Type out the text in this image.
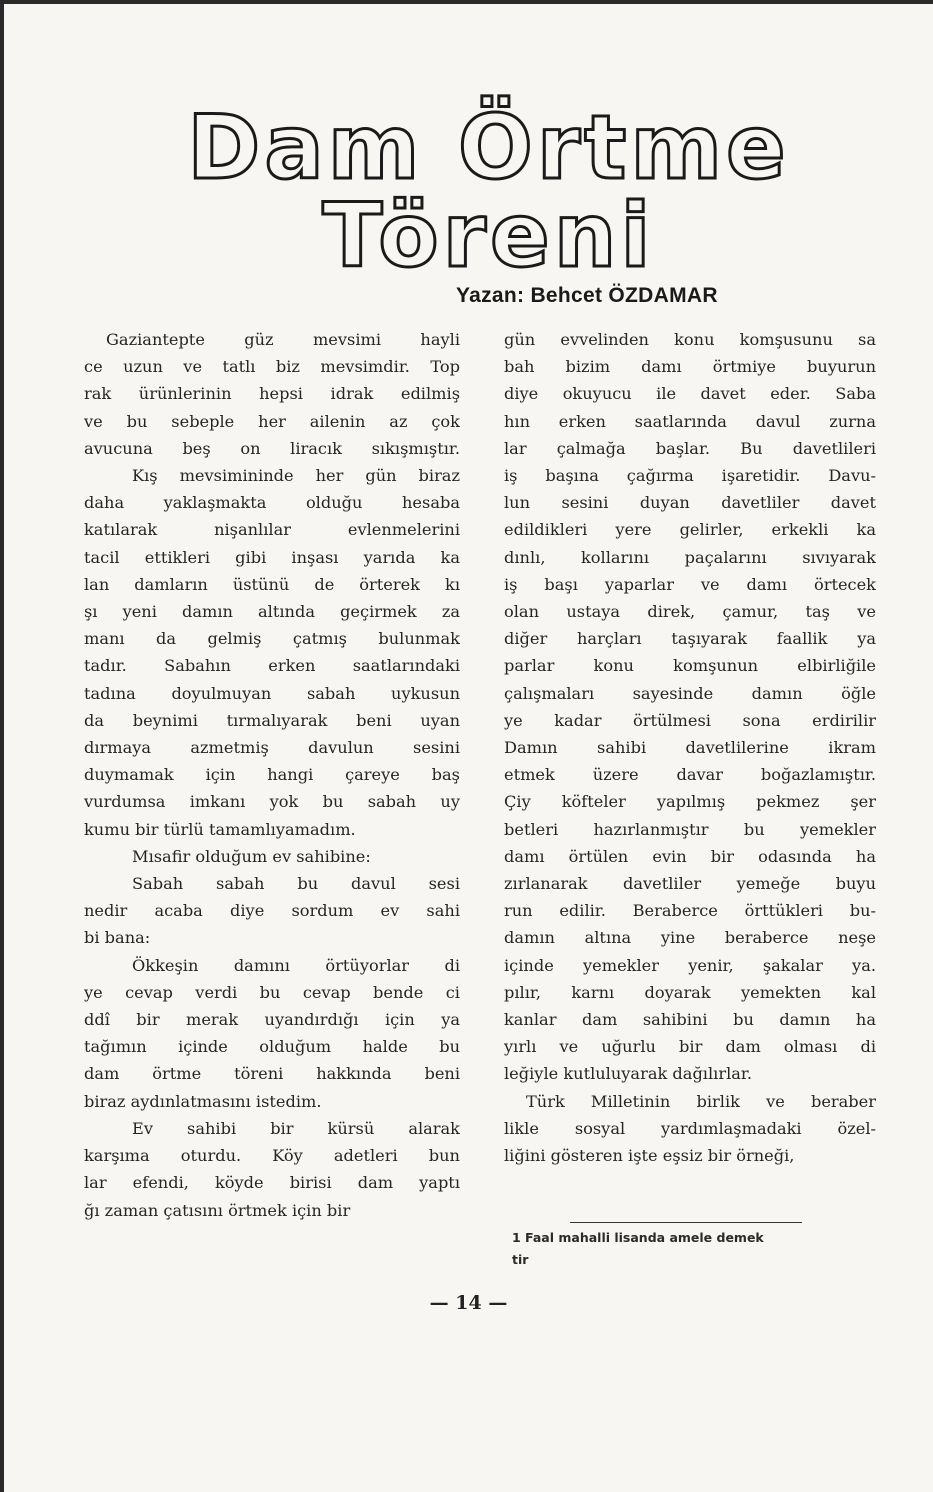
Dam Örtme
Töreni
Yazan: Behcet ÖZDAMAR
Gaziantepte güz mevsimi hayli
ce uzun ve tatlı biz mevsimdir. Top
rak ürünlerinin hepsi idrak edilmiş
ve bu sebeple her ailenin az çok
avucuna beş on liracık sıkışmıştır.
Kış mevsimininde her gün biraz
daha yaklaşmakta olduğu hesaba
katılarak nişanlılar evlenmelerini
tacil ettikleri gibi inşası yarıda ka
lan damların üstünü de örterek kı
şı yeni damın altında geçirmek za
manı da gelmiş çatmış bulunmak
tadır. Sabahın erken saatlarındaki
tadına doyulmuyan sabah uykusun
da beynimi tırmalıyarak beni uyan
dırmaya azmetmiş davulun sesini
duymamak için hangi çareye baş
vurdumsa imkanı yok bu sabah uy
kumu bir türlü tamamlıyamadım.
Mısafir olduğum ev sahibine:
Sabah sabah bu davul sesi
nedir acaba diye sordum ev sahi
bi bana:
Ökkeşin damını örtüyorlar di
ye cevap verdi bu cevap bende ci
ddî bir merak uyandırdığı için ya
tağımın içinde olduğum halde bu
dam örtme töreni hakkında beni
biraz aydınlatmasını istedim.
Ev sahibi bir kürsü alarak
karşıma oturdu. Köy adetleri bun
lar efendi, köyde birisi dam yaptı
ğı zaman çatısını örtmek için bir
gün evvelinden konu komşusunu sa
bah bizim damı örtmiye buyurun
diye okuyucu ile davet eder. Saba
hın erken saatlarında davul zurna
lar çalmağa başlar. Bu davetlileri
iş başına çağırma işaretidir. Davu-
lun sesini duyan davetliler davet
edildikleri yere gelirler, erkekli ka
dınlı, kollarını paçalarını sıvıyarak
iş başı yaparlar ve damı örtecek
olan ustaya direk, çamur, taş ve
diğer harçları taşıyarak faallik ya
parlar konu komşunun elbirliğile
çalışmaları sayesinde damın öğle
ye kadar örtülmesi sona erdirilir
Damın sahibi davetlilerine ikram
etmek üzere davar boğazlamıştır.
Çiy köfteler yapılmış pekmez şer
betleri hazırlanmıştır bu yemekler
damı örtülen evin bir odasında ha
zırlanarak davetliler yemeğe buyu
run edilir. Beraberce örttükleri bu-
damın altına yine beraberce neşe
içinde yemekler yenir, şakalar ya.
pılır, karnı doyarak yemekten kal
kanlar dam sahibini bu damın ha
yırlı ve uğurlu bir dam olması di
leğiyle kutluluyarak dağılırlar.
Türk Milletinin birlik ve beraber
likle sosyal yardımlaşmadaki özel-
liğini gösteren işte eşsiz bir örneği,
1 Faal mahalli lisanda amele demek
tir
— 14 —
